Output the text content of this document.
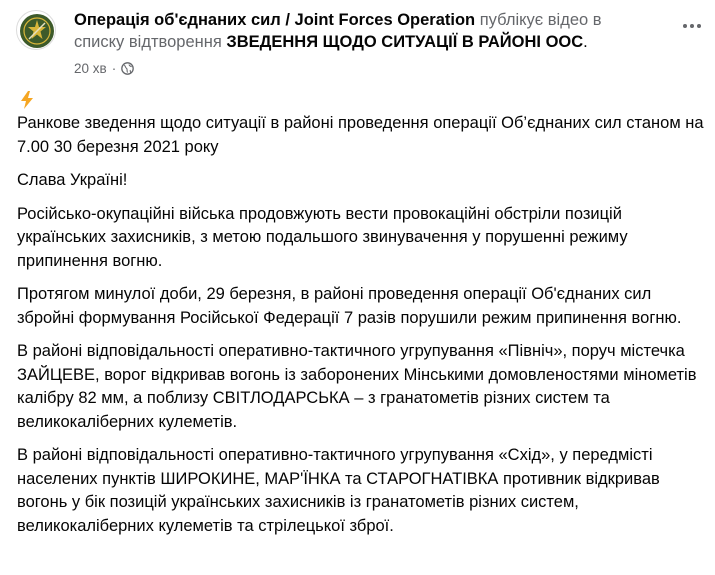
Операція об'єднаних сил / Joint Forces Operation публікує відео в списку відтворення ЗВЕДЕННЯ ЩОДО СИТУАЦІЇ В РАЙОНІ ООС.
20 хв ·

Ранкове зведення щодо ситуації в районі проведення операції Об’єднаних сил станом на 7.00 30 березня 2021 року

Слава Україні!

Російсько-окупаційні війська продовжують вести провокаційні обстріли позицій українських захисників, з метою подальшого звинувачення у порушенні режиму припинення вогню.

Протягом минулої доби, 29 березня, в районі проведення операції Об'єднаних сил збройні формування Російської Федерації 7 разів порушили режим припинення вогню.

В районі відповідальності оперативно-тактичного угрупування «Північ», поруч містечка ЗАЙЦЕВЕ, ворог відкривав вогонь із заборонених Мінськими домовленостями мінометів калібру 82 мм, а поблизу СВІТЛОДАРСЬКА – з гранатометів різних систем та великокаліберних кулеметів.

В районі відповідальності оперативно-тактичного угрупування «Схід», у передмісті населених пунктів ШИРОКИНЕ, МАР'ЇНКА та СТАРОГНАТІВКА противник відкривав вогонь у бік позицій українських захисників із гранатометів різних систем, великокаліберних кулеметів та стрілецької зброї.
